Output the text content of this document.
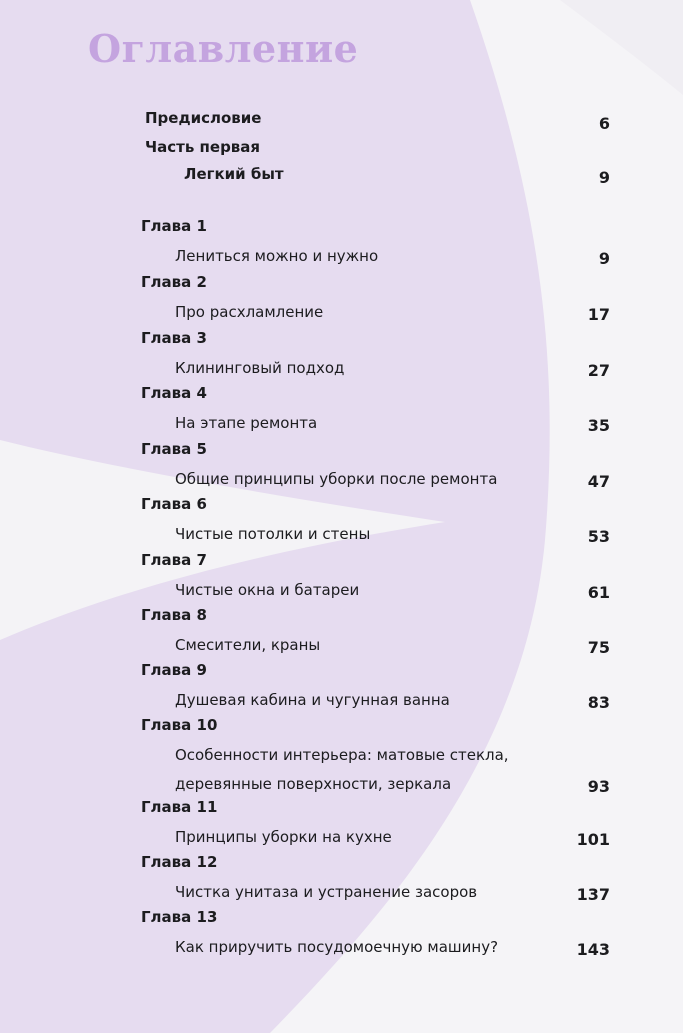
Оглавление
Предисловие	6
Часть первая
Легкий быт	9
Глава 1
Лениться можно и нужно	9
Глава 2
Про расхламление	17
Глава 3
Клининговый подход	27
Глава 4
На этапе ремонта	35
Глава 5
Общие принципы уборки после ремонта	47
Глава 6
Чистые потолки и стены	53
Глава 7
Чистые окна и батареи	61
Глава 8
Смесители, краны	75
Глава 9
Душевая кабина и чугунная ванна	83
Глава 10
Особенности интерьера: матовые стекла,
деревянные поверхности, зеркала	93
Глава 11
Принципы уборки на кухне	101
Глава 12
Чистка унитаза и устранение засоров	137
Глава 13
Как приручить посудомоечную машину?	143
